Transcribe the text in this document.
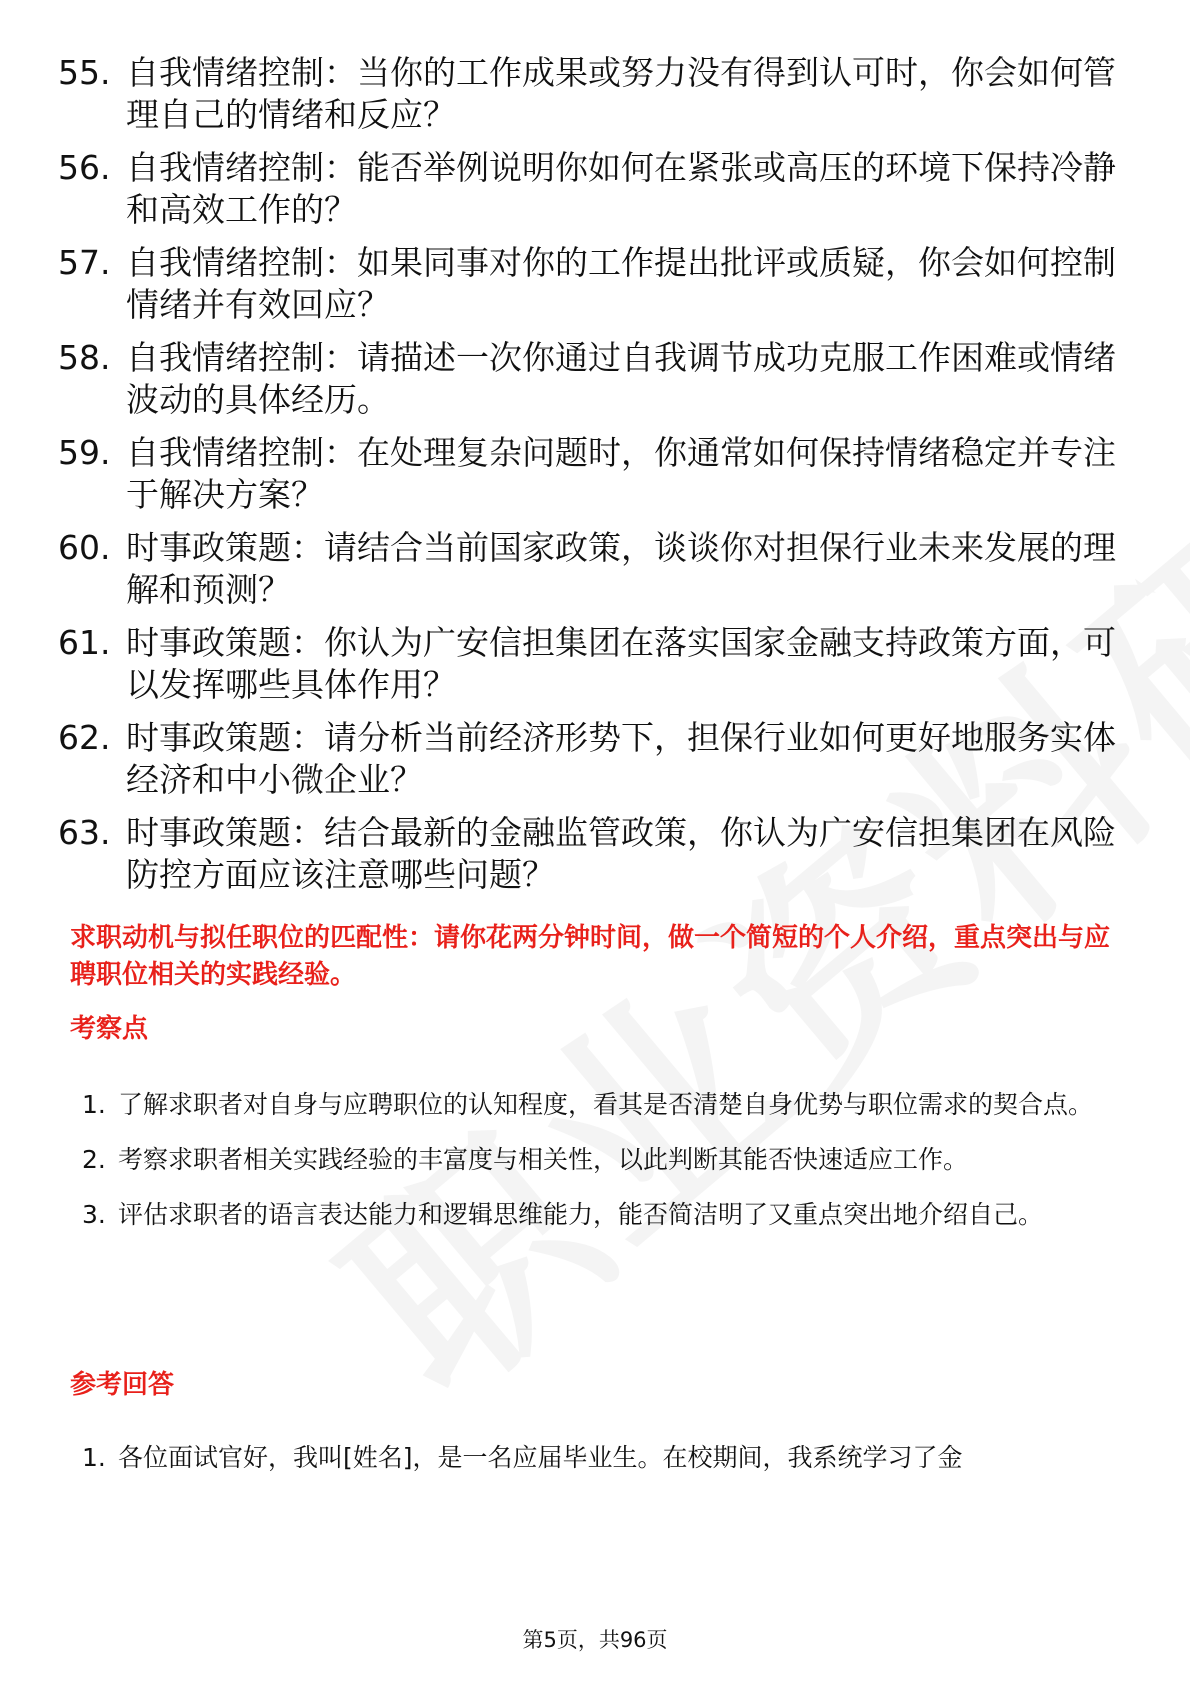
55. 自我情绪控制：当你的工作成果或努力没有得到认可时，你会如何管理自己的情绪和反应？
56. 自我情绪控制：能否举例说明你如何在紧张或高压的环境下保持冷静和高效工作的？
57. 自我情绪控制：如果同事对你的工作提出批评或质疑，你会如何控制情绪并有效回应？
58. 自我情绪控制：请描述一次你通过自我调节成功克服工作困难或情绪波动的具体经历。
59. 自我情绪控制：在处理复杂问题时，你通常如何保持情绪稳定并专注于解决方案？
60. 时事政策题：请结合当前国家政策，谈谈你对担保行业未来发展的理解和预测？
61. 时事政策题：你认为广安信担集团在落实国家金融支持政策方面，可以发挥哪些具体作用？
62. 时事政策题：请分析当前经济形势下，担保行业如何更好地服务实体经济和中小微企业？
63. 时事政策题：结合最新的金融监管政策，你认为广安信担集团在风险防控方面应该注意哪些问题？

求职动机与拟任职位的匹配性：请你花两分钟时间，做一个简短的个人介绍，重点突出与应聘职位相关的实践经验。

考察点
1. 了解求职者对自身与应聘职位的认知程度，看其是否清楚自身优势与职位需求的契合点。
2. 考察求职者相关实践经验的丰富度与相关性，以此判断其能否快速适应工作。
3. 评估求职者的语言表达能力和逻辑思维能力，能否简洁明了又重点突出地介绍自己。
参考回答
1. 各位面试官好，我叫[姓名]，是一名应届毕业生。在校期间，我系统学习了金
第5页，共96页
